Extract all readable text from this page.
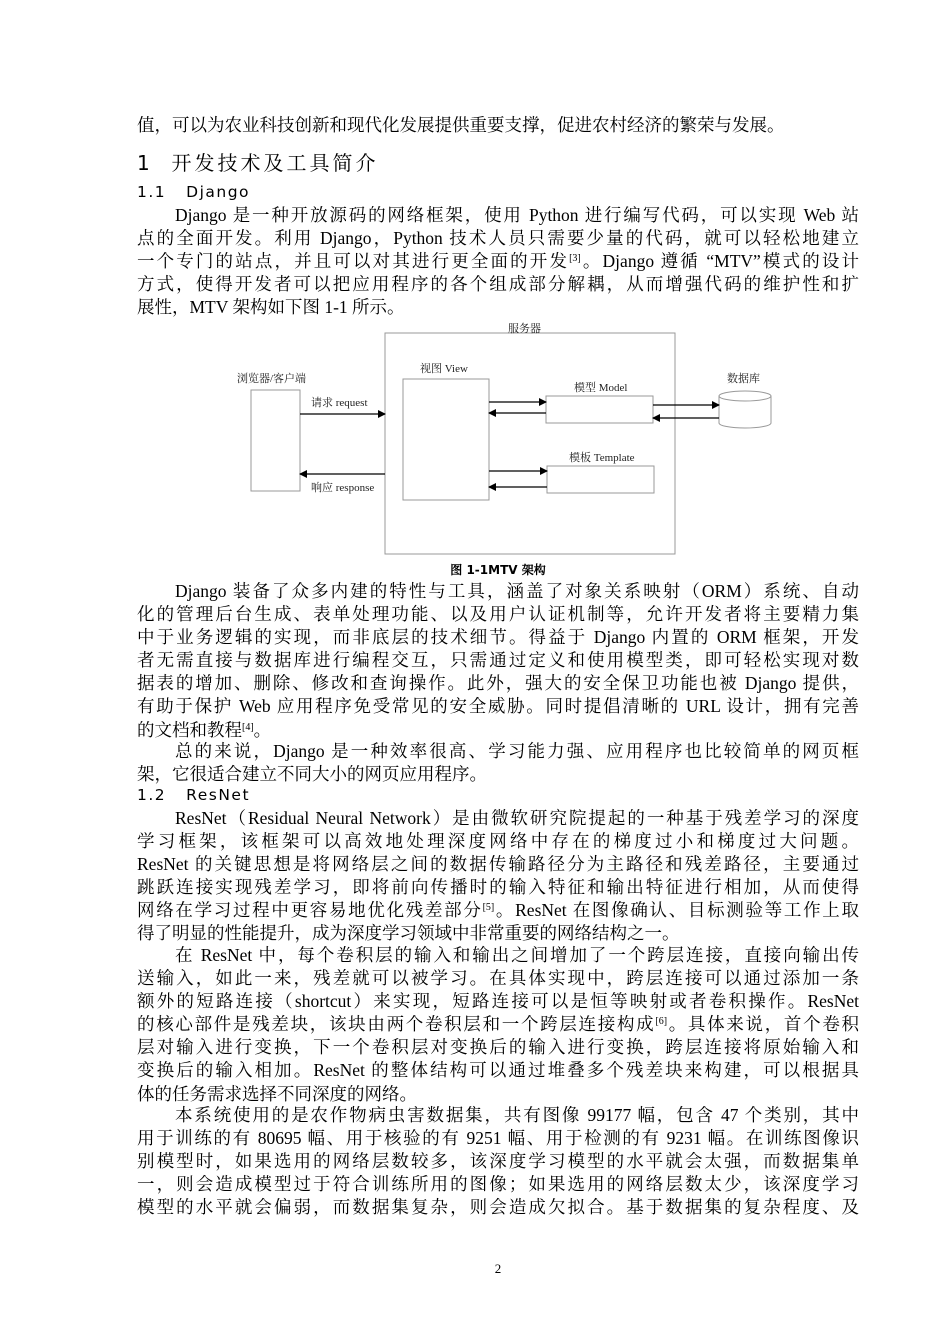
值，可以为农业科技创新和现代化发展提供重要支撑，促进农村经济的繁荣与发展。
1 开发技术及工具简介
1.1 Django
Django 是一种开放源码的网络框架，使用 Python 进行编写代码，可以实现 Web 站
点的全面开发。利用 Django，Python 技术人员只需要少量的代码，就可以轻松地建立
一个专门的站点，并且可以对其进行更全面的开发[3]。Django 遵循 “MTV”模式的设计
方式，使得开发者可以把应用程序的各个组成部分解耦，从而增强代码的维护性和扩
展性，MTV 架构如下图 1-1 所示。
服务器
浏览器/客户端
视图 View
模型 Model
模板 Template
数据库
请求 request
响应 response
图 1-1MTV 架构
Django 装备了众多内建的特性与工具，涵盖了对象关系映射（ORM）系统、自动
化的管理后台生成、表单处理功能、以及用户认证机制等，允许开发者将主要精力集
中于业务逻辑的实现，而非底层的技术细节。得益于 Django 内置的 ORM 框架，开发
者无需直接与数据库进行编程交互，只需通过定义和使用模型类，即可轻松实现对数
据表的增加、删除、修改和查询操作。此外，强大的安全保卫功能也被 Django 提供，
有助于保护 Web 应用程序免受常见的安全威胁。同时提倡清晰的 URL 设计，拥有完善
的文档和教程[4]。
总的来说，Django 是一种效率很高、学习能力强、应用程序也比较简单的网页框
架，它很适合建立不同大小的网页应用程序。
1.2 ResNet
ResNet（Residual Neural Network）是由微软研究院提起的一种基于残差学习的深度
学习框架，该框架可以高效地处理深度网络中存在的梯度过小和梯度过大问题。
ResNet 的关键思想是将网络层之间的数据传输路径分为主路径和残差路径，主要通过
跳跃连接实现残差学习，即将前向传播时的输入特征和输出特征进行相加，从而使得
网络在学习过程中更容易地优化残差部分[5]。ResNet 在图像确认、目标测验等工作上取
得了明显的性能提升，成为深度学习领域中非常重要的网络结构之一。
在 ResNet 中，每个卷积层的输入和输出之间增加了一个跨层连接，直接向输出传
送输入，如此一来，残差就可以被学习。在具体实现中，跨层连接可以通过添加一条
额外的短路连接（shortcut）来实现，短路连接可以是恒等映射或者卷积操作。ResNet
的核心部件是残差块，该块由两个卷积层和一个跨层连接构成[6]。具体来说，首个卷积
层对输入进行变换，下一个卷积层对变换后的输入进行变换，跨层连接将原始输入和
变换后的输入相加。ResNet 的整体结构可以通过堆叠多个残差块来构建，可以根据具
体的任务需求选择不同深度的网络。
本系统使用的是农作物病虫害数据集，共有图像 99177 幅，包含 47 个类别，其中
用于训练的有 80695 幅、用于核验的有 9251 幅、用于检测的有 9231 幅。在训练图像识
别模型时，如果选用的网络层数较多，该深度学习模型的水平就会太强，而数据集单
一，则会造成模型过于符合训练所用的图像；如果选用的网络层数太少，该深度学习
模型的水平就会偏弱，而数据集复杂，则会造成欠拟合。基于数据集的复杂程度、及
2
